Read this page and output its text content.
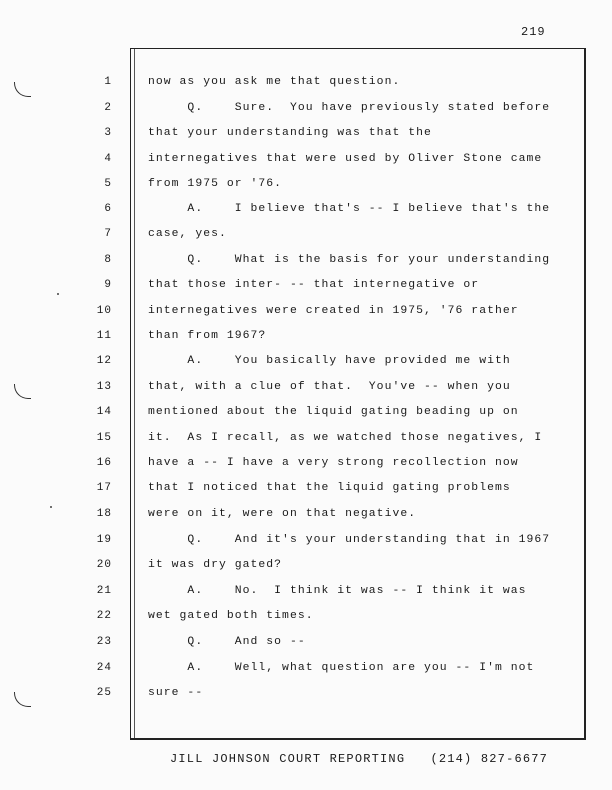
219
1	now as you ask me that question.
2	Q.    Sure.  You have previously stated before
3	that your understanding was that the
4	internegatives that were used by Oliver Stone came
5	from 1975 or '76.
6	A.    I believe that's -- I believe that's the
7	case, yes.
8	Q.    What is the basis for your understanding
9	that those inter- -- that internegative or
10	internegatives were created in 1975, '76 rather
11	than from 1967?
12	A.    You basically have provided me with
13	that, with a clue of that.  You've -- when you
14	mentioned about the liquid gating beading up on
15	it.  As I recall, as we watched those negatives, I
16	have a -- I have a very strong recollection now
17	that I noticed that the liquid gating problems
18	were on it, were on that negative.
19	Q.    And it's your understanding that in 1967
20	it was dry gated?
21	A.    No.  I think it was -- I think it was
22	wet gated both times.
23	Q.    And so --
24	A.    Well, what question are you -- I'm not
25	sure --
JILL JOHNSON COURT REPORTING (214) 827-6677
